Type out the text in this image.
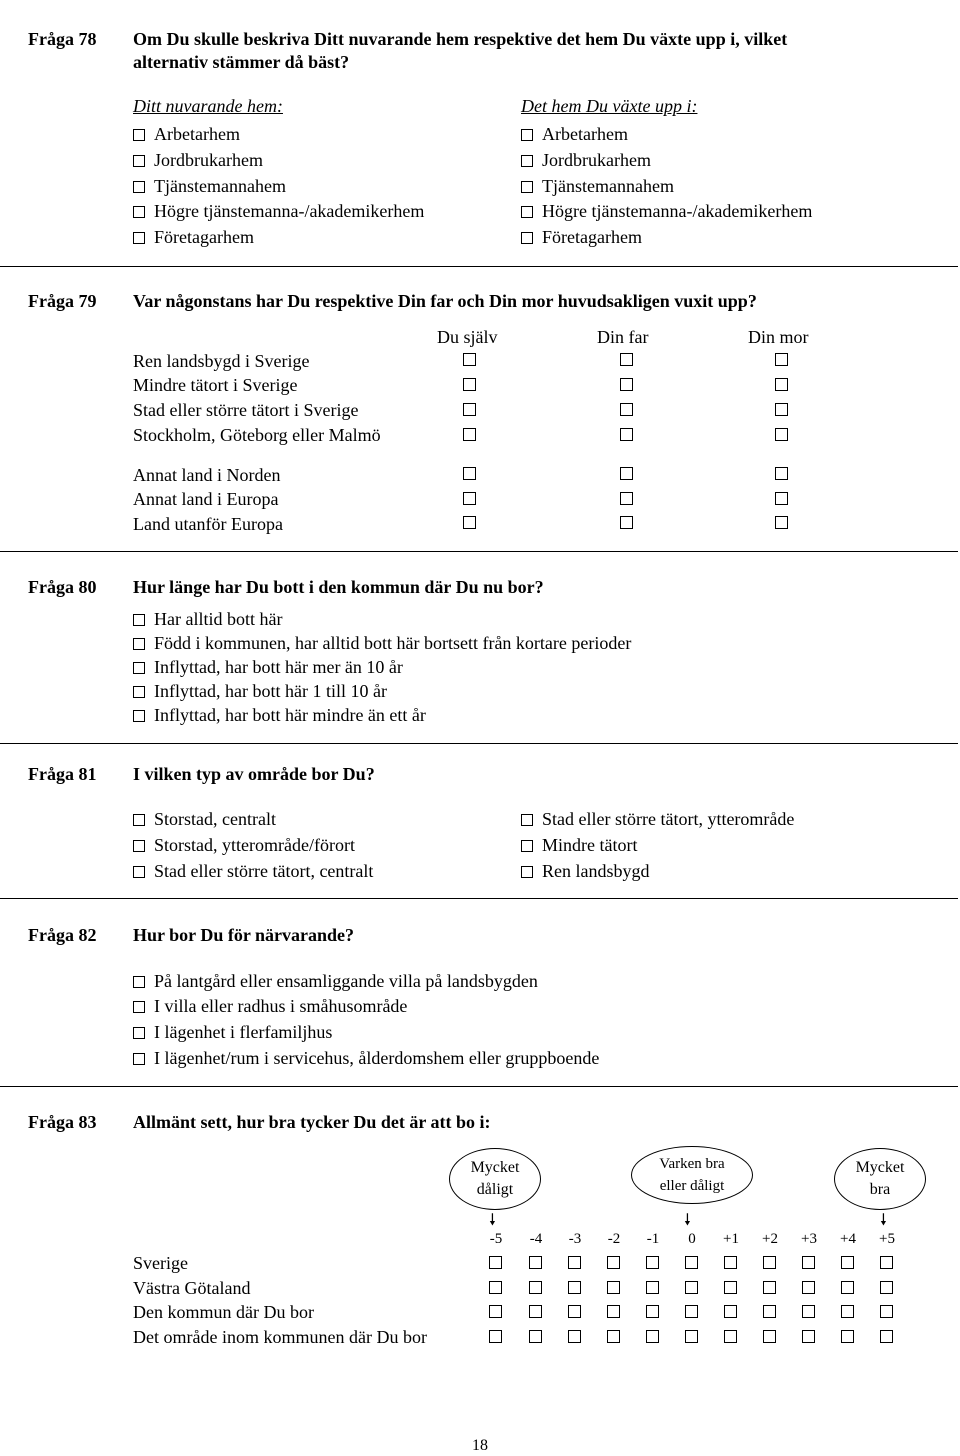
Fråga 78 Om Du skulle beskriva Ditt nuvarande hem respektive det hem Du växte upp i, vilket
alternativ stämmer då bäst?
Ditt nuvarande hem:	Det hem Du växte upp i:
Arbetarhem
Jordbrukarhem
Tjänstemannahem
Högre tjänstemanna-/akademikerhem
Företagarhem
Arbetarhem
Jordbrukarhem
Tjänstemannahem
Högre tjänstemanna-/akademikerhem
Företagarhem
Fråga 79 Var någonstans har Du respektive Din far och Din mor huvudsakligen vuxit upp?
Du själv	Din far	Din mor
Ren landsbygd i Sverige
Mindre tätort i Sverige
Stad eller större tätort i Sverige
Stockholm, Göteborg eller Malmö
Annat land i Norden
Annat land i Europa
Land utanför Europa
Fråga 80 Hur länge har Du bott i den kommun där Du nu bor?
Har alltid bott här
Född i kommunen, har alltid bott här bortsett från kortare perioder
Inflyttad, har bott här mer än 10 år
Inflyttad, har bott här 1 till 10 år
Inflyttad, har bott här mindre än ett år
Fråga 81 I vilken typ av område bor Du?
Storstad, centralt
Storstad, ytterområde/förort
Stad eller större tätort, centralt
Stad eller större tätort, ytterområde
Mindre tätort
Ren landsbygd
Fråga 82 Hur bor Du för närvarande?
På lantgård eller ensamliggande villa på landsbygden
I villa eller radhus i småhusområde
I lägenhet i flerfamiljhus
I lägenhet/rum i servicehus, ålderdomshem eller gruppboende
Fråga 83 Allmänt sett, hur bra tycker Du det är att bo i:
Mycket
dåligt
Varken bra
eller dåligt
Mycket
bra
🠗	🠗	🠗
-5	-4	-3	-2	-1	0	+1	+2	+3	+4	+5
Sverige
Västra Götaland
Den kommun där Du bor
Det område inom kommunen där Du bor
18
